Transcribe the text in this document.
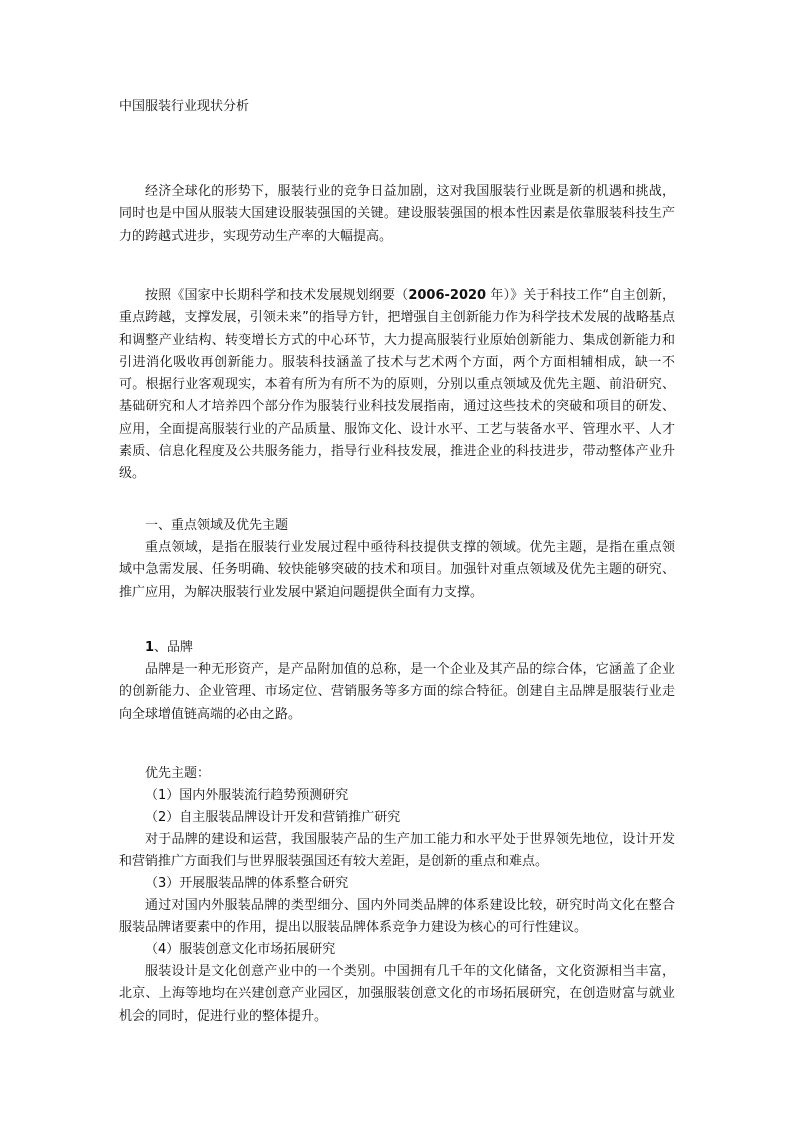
中国服装行业现状分析

经济全球化的形势下，服装行业的竞争日益加剧，这对我国服装行业既是新的机遇和挑战，同时也是中国从服装大国建设服装强国的关键。建设服装强国的根本性因素是依靠服装科技生产力的跨越式进步，实现劳动生产率的大幅提高。

按照《国家中长期科学和技术发展规划纲要（2006-2020 年）》关于科技工作“自主创新，重点跨越，支撑发展，引领未来”的指导方针，把增强自主创新能力作为科学技术发展的战略基点和调整产业结构、转变增长方式的中心环节，大力提高服装行业原始创新能力、集成创新能力和引进消化吸收再创新能力。服装科技涵盖了技术与艺术两个方面，两个方面相辅相成，缺一不可。根据行业客观现实，本着有所为有所不为的原则，分别以重点领域及优先主题、前沿研究、基础研究和人才培养四个部分作为服装行业科技发展指南，通过这些技术的突破和项目的研发、应用，全面提高服装行业的产品质量、服饰文化、设计水平、工艺与装备水平、管理水平、人才素质、信息化程度及公共服务能力，指导行业科技发展，推进企业的科技进步，带动整体产业升级。

一、重点领域及优先主题

重点领域，是指在服装行业发展过程中亟待科技提供支撑的领域。优先主题，是指在重点领域中急需发展、任务明确、较快能够突破的技术和项目。加强针对重点领域及优先主题的研究、推广应用，为解决服装行业发展中紧迫问题提供全面有力支撑。

1、品牌

品牌是一种无形资产，是产品附加值的总称，是一个企业及其产品的综合体，它涵盖了企业的创新能力、企业管理、市场定位、营销服务等多方面的综合特征。创建自主品牌是服装行业走向全球增值链高端的必由之路。

优先主题：

（1）国内外服装流行趋势预测研究

（2）自主服装品牌设计开发和营销推广研究

对于品牌的建设和运营，我国服装产品的生产加工能力和水平处于世界领先地位，设计开发和营销推广方面我们与世界服装强国还有较大差距，是创新的重点和难点。

（3）开展服装品牌的体系整合研究

通过对国内外服装品牌的类型细分、国内外同类品牌的体系建设比较，研究时尚文化在整合服装品牌诸要素中的作用，提出以服装品牌体系竞争力建设为核心的可行性建议。

（4）服装创意文化市场拓展研究

服装设计是文化创意产业中的一个类别。中国拥有几千年的文化储备，文化资源相当丰富，北京、上海等地均在兴建创意产业园区，加强服装创意文化的市场拓展研究，在创造财富与就业机会的同时，促进行业的整体提升。
